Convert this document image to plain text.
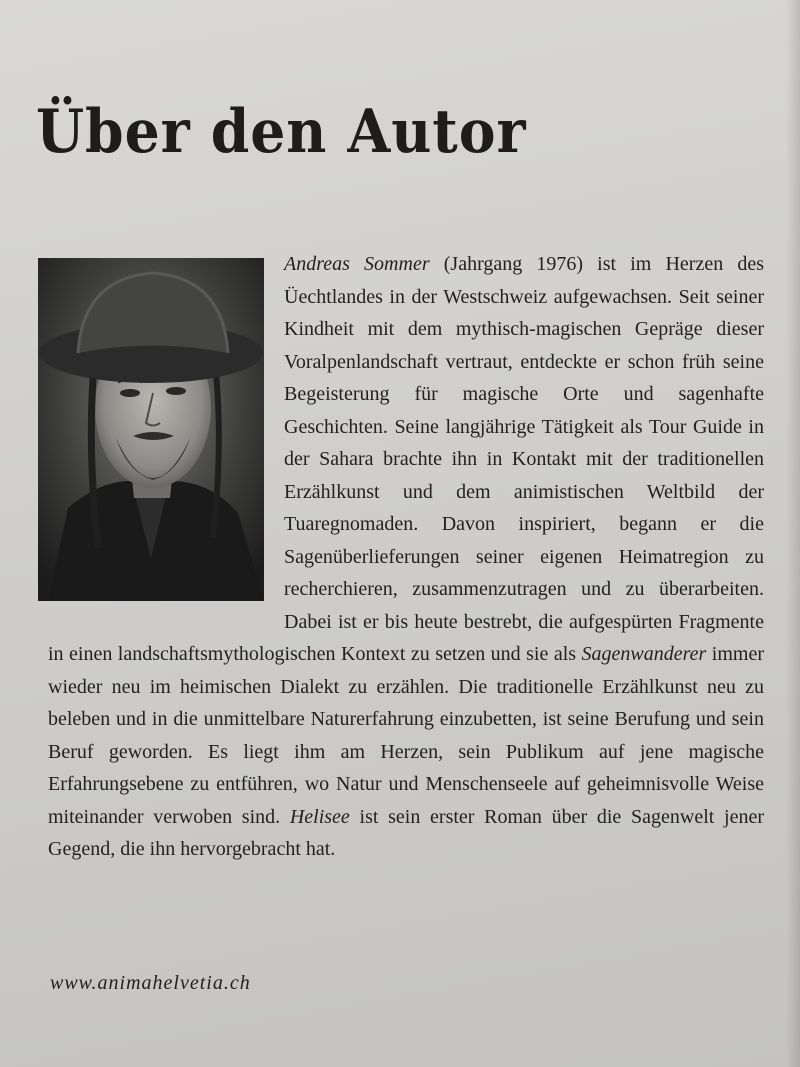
Über den Autor

Andreas Sommer (Jahrgang 1976) ist im Herzen des Üechtlandes in der Westschweiz aufgewachsen. Seit seiner Kindheit mit dem mythisch-magischen Gepräge dieser Voralpenlandschaft vertraut, entdeckte er schon früh seine Begeisterung für magische Orte und sagenhafte Geschichten. Seine langjährige Tätigkeit als Tour Guide in der Sahara brachte ihn in Kontakt mit der traditionellen Erzählkunst und dem animistischen Weltbild der Tuaregnomaden. Davon inspiriert, begann er die Sagenüberlieferungen seiner eigenen Heimatregion zu recherchieren, zusammenzutragen und zu überarbeiten. Dabei ist er bis heute bestrebt, die aufgespürten Fragmente in einen landschaftsmythologischen Kontext zu setzen und sie als Sagenwanderer immer wieder neu im heimischen Dialekt zu erzählen. Die traditionelle Erzählkunst neu zu beleben und in die unmittelbare Naturerfahrung einzubetten, ist seine Berufung und sein Beruf geworden. Es liegt ihm am Herzen, sein Publikum auf jene magische Erfahrungsebene zu entführen, wo Natur und Menschenseele auf geheimnisvolle Weise miteinander verwoben sind. Helisee ist sein erster Roman über die Sagenwelt jener Gegend, die ihn hervorgebracht hat.

www.animahelvetia.ch
